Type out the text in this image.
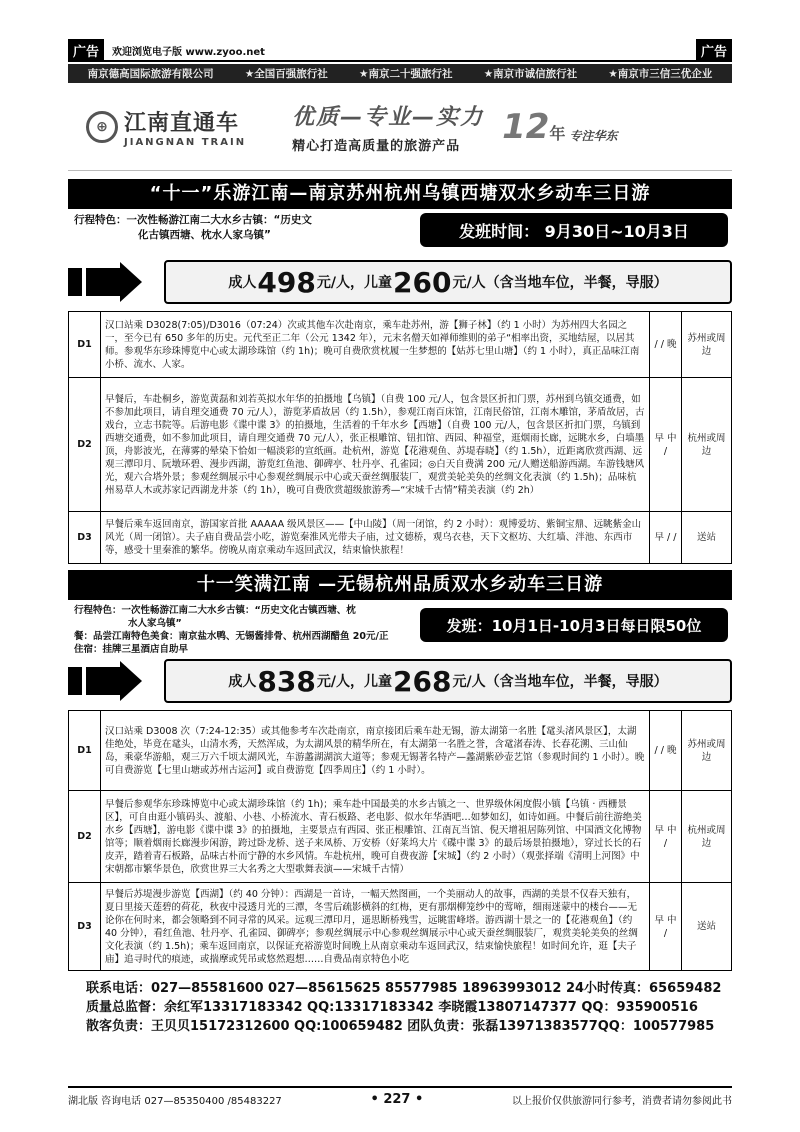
广告	欢迎浏览电子版 www.zyoo.net	广告
南京德高国际旅游有限公司	★全国百强旅行社	★南京二十强旅行社	★南京市诚信旅行社	★南京市三信三优企业
⊕ 江南直通车
JIANGNAN TRAIN
优质—专业—实力
精心打造高质量的旅游产品	12 年 专注华东
“十一”乐游江南—南京苏州杭州乌镇西塘双水乡动车三日游

行程特色：一次性畅游江南二大水乡古镇：“历史文

化古镇西塘、枕水人家乌镇”	发班时间： 9月30日~10月3日
成人 498 元/人，儿童 260 元/人（含当地车位，半餐，导服）
D1	汉口站乘 D3028(7:05)/D3016（07:24）次或其他车次赴南京，乘车赴苏州，游【狮子林】（约 1 小时）为苏州四大名园之一，至今已有 650 多年的历史。元代至正二年（公元 1342 年），元末名僧天如禅师维则的弟子“相率出资，买地结屋，以居其师。参观华东珍珠博览中心或太湖珍珠馆（约 1h)；晚可自费欣赏枕履一生梦想的【姑苏七里山塘】（约 1 小时），真正品味江南小桥、流水、人家。	/ / 晚	苏州或周边
D2	早餐后，车赴桐乡，游览黄磊和刘若英拟水年华的拍摄地【乌镇】（自费 100 元/人，包含景区折扣门票，苏州到乌镇交通费，如不参加此项目，请自理交通费 70 元/人），游览茅盾故居（约 1.5h），参观江南百床馆，江南民俗馆，江南木雕馆，茅盾故居，古戏台，立志书院等。后游电影《谍中谍 3》的拍摄地，生活着的千年水乡【西塘】（自费 100 元/人，包含景区折扣门票，乌镇到西塘交通费，如不参加此项目，请自理交通费 70 元/人），张正根雕馆、钮扣馆、西园、种福堂，逛烟雨长廊，远眺水乡，白墙墨顶，舟影波光，在薄雾的晕染下恰如一幅淡彩的宣纸画。赴杭州，游览【花港观鱼、苏堤春晓】（约 1.5h），近距离欣赏西湖、远观三潭印月、阮墩环碧、漫步西湖，游览红鱼池、御碑亭、牡丹亭、孔雀园；◎白天自费满 200 元/人赠送船游西湖。车游钱塘风光，观六合塔外景；参观丝绸展示中心参观丝绸展示中心或天蚕丝绸服装厂，观赏美轮美奂的丝绸文化表演（约 1.5h)；品味杭州易草人木或苏家记西湖龙井茶（约 1h），晚可自费欣赏超级旅游秀—“宋城千古情”精美表演（约 2h）	早 中 /	杭州或周边
D3	早餐后乘车返回南京，游国家首批 AAAAA 级风景区——【中山陵】（周一闭馆，约 2 小时）：观博爱坊、紫铜宝鼎、远眺紫金山风光（周一闭馆）。夫子庙自费品尝小吃，游览秦淮风光带夫子庙，过文德桥，观乌衣巷，天下文枢坊、大红墙、泮池、东西市等，感受十里秦淮的繁华。傍晚从南京乘动车返回武汉，结束愉快旅程！	早 / /	送站
十一笑满江南 —无锡杭州品质双水乡动车三日游

行程特色：一次性畅游江南二大水乡古镇：“历史文化古镇西塘、枕

水人家乌镇”

餐：品尝江南特色美食：南京盐水鸭、无锡酱排骨、杭州西湖醋鱼 20元/正

住宿：挂牌三星酒店自助早

发班：10月1日-10月3日每日限50位
成人 838 元/人，儿童 268 元/人（含当地车位，半餐，导服）
D1	汉口站乘 D3008 次（7:24-12:35）或其他参考车次赴南京，南京接团后乘车赴无锡，游太湖第一名胜【鼋头渚风景区】，太湖佳绝处，毕竟在鼋头，山清水秀，天然浑成，为太湖风景的精华所在，有太湖第一名胜之誉，含鼋渚春涛、长春花溯、三山仙岛，乘豪华游船，观三万六千顷太湖风光，车游蠡湖湖滨大道等；参观无锡著名特产—蠡湖紫砂壶艺馆（参观时间约 1 小时）。晚可自费游览【七里山塘或苏州古运河】或自费游览【四季周庄】（约 1 小时）。	/ / 晚	苏州或周边
D2	早餐后参观华东珍珠博览中心或太湖珍珠馆（约 1h)；乘车赴中国最美的水乡古镇之一、世界级休闲度假小镇【乌镇 · 西栅景区】，可自由逛小镇码头、渡船、小巷、小桥流水、青石板路、老电影、似水年华酒吧…如梦如幻，如诗如画。中餐后前往游绝美水乡【西塘】，游电影《谍中谍 3》的拍摄地，主要景点有西园、张正根雕馆、江南瓦当馆、倪天增祖居陈列馆、中国酒文化博物馆等；顺着烟雨长廊漫步闲游，跨过卧龙桥、送子来凤桥、万安桥（好莱坞大片《碟中谍 3》的最后场景拍摄地），穿过长长的石皮弄，踏着青石板路，品味古朴而宁静的水乡风情。车赴杭州，晚可自费夜游【宋城】（约 2 小时）（观张择端《清明上河图》中宋朝都市繁华景色，欣赏世界三大名秀之大型歌舞表演——宋城千古情）	早 中 /	杭州或周边
D3	早餐后苏堤漫步游览【西湖】（约 40 分钟）：西湖是一首诗，一幅天然图画，一个美丽动人的故事，西湖的美景不仅春天独有，夏日里接天莲碧的荷花，秋夜中浸透月光的三潭，冬雪后疏影横斜的红梅，更有那烟柳笼纱中的莺啼，细雨迷蒙中的楼台——无论你在何时来，都会领略到不同寻常的风采。远观三潭印月，遥思断桥残雪，远眺雷峰塔。游西湖十景之一的【花港观鱼】（约 40 分钟），看红鱼池、牡丹亭、孔雀园、御碑亭；参观丝绸展示中心参观丝绸展示中心或天蚕丝绸服装厂，观赏美轮美奂的丝绸文化表演（约 1.5h)；乘车返回南京，以保证充裕游览时间晚上从南京乘动车返回武汉，结束愉快旅程！如时间允许，逛【夫子庙】追寻时代的痕迹，或揣摩或凭吊或悠然遐想……自费品南京特色小吃	早 中 /	送站
联系电话：027—85581600 027—85615625 85577985 18963993012 24小时传真：65659482
质量总监督：余红军13317183342 QQ:13317183342 李晓霞13807147377 QQ：935900516
散客负责：王贝贝15172312600 QQ:100659482 团队负责：张磊13971383577QQ：100577985
湖北版 咨询电话 027—85350400 /85483227	• 227 •	以上报价仅供旅游同行参考，消费者请勿参阅此书
